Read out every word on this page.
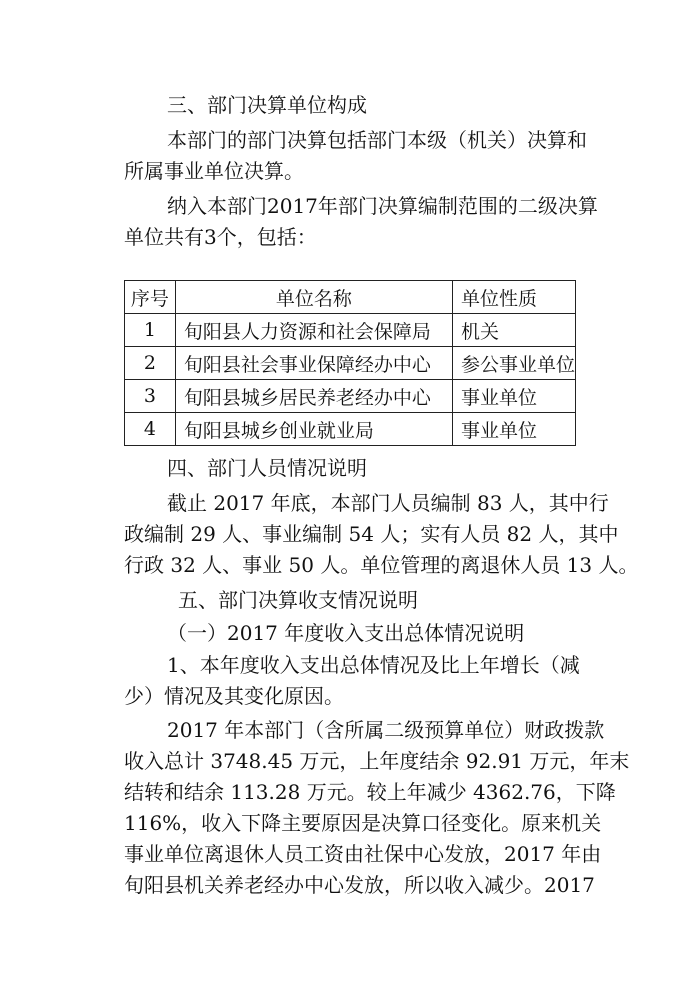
三、部门决算单位构成
本部门的部门决算包括部门本级（机关）决算和
所属事业单位决算。
纳入本部门2017年部门决算编制范围的二级决算
单位共有3个，包括：
序号	单位名称	单位性质
1	旬阳县人力资源和社会保障局	机关
2	旬阳县社会事业保障经办中心	参公事业单位
3	旬阳县城乡居民养老经办中心	事业单位
4	旬阳县城乡创业就业局	事业单位
四、部门人员情况说明
截止 2017 年底，本部门人员编制 83 人，其中行
政编制 29 人、事业编制 54 人；实有人员 82 人，其中
行政 32 人、事业 50 人。单位管理的离退休人员 13 人。
五、部门决算收支情况说明
（一）2017 年度收入支出总体情况说明
1、本年度收入支出总体情况及比上年增长（减
少）情况及其变化原因。
2017 年本部门（含所属二级预算单位）财政拨款
收入总计 3748.45 万元，上年度结余 92.91 万元，年末
结转和结余 113.28 万元。较上年减少 4362.76，下降
116%，收入下降主要原因是决算口径变化。原来机关
事业单位离退休人员工资由社保中心发放，2017 年由
旬阳县机关养老经办中心发放，所以收入减少。2017
